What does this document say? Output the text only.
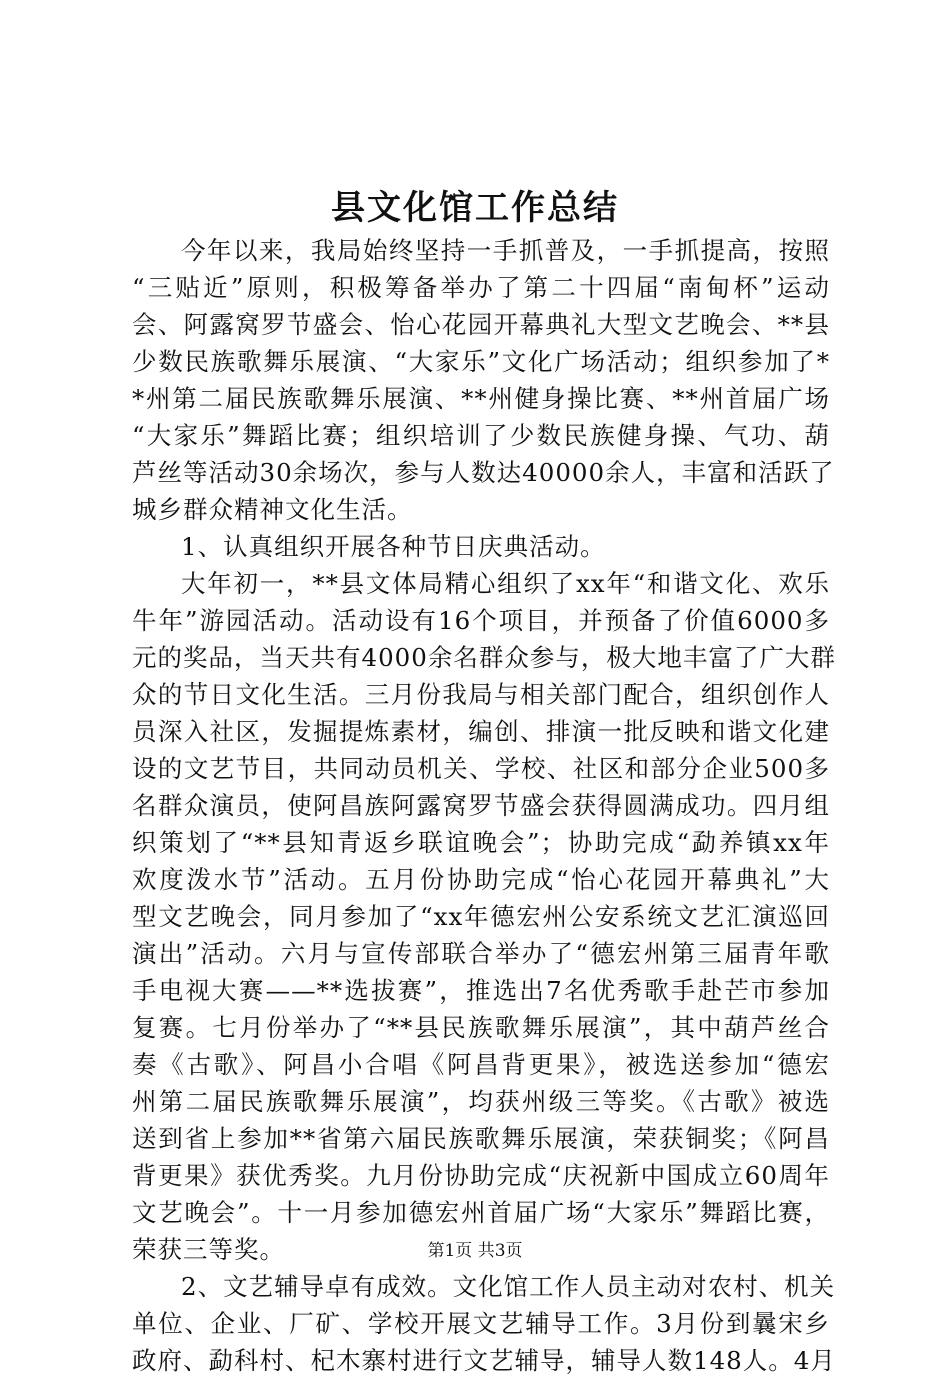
县文化馆工作总结
今年以来，我局始终坚持一手抓普及，一手抓提高，按照
“三贴近”原则，积极筹备举办了第二十四届“南甸杯”运动
会、阿露窝罗节盛会、怡心花园开幕典礼大型文艺晚会、**县
少数民族歌舞乐展演、“大家乐”文化广场活动；组织参加了*
*州第二届民族歌舞乐展演、**州健身操比赛、**州首届广场
“大家乐”舞蹈比赛；组织培训了少数民族健身操、气功、葫
芦丝等活动30余场次，参与人数达40000余人，丰富和活跃了
城乡群众精神文化生活。
1、认真组织开展各种节日庆典活动。
大年初一，**县文体局精心组织了xx年“和谐文化、欢乐
牛年”游园活动。活动设有16个项目，并预备了价值6000多
元的奖品，当天共有4000余名群众参与，极大地丰富了广大群
众的节日文化生活。三月份我局与相关部门配合，组织创作人
员深入社区，发掘提炼素材，编创、排演一批反映和谐文化建
设的文艺节目，共同动员机关、学校、社区和部分企业500多
名群众演员，使阿昌族阿露窝罗节盛会获得圆满成功。四月组
织策划了“**县知青返乡联谊晚会”；协助完成“勐养镇xx年
欢度泼水节”活动。五月份协助完成“怡心花园开幕典礼”大
型文艺晚会，同月参加了“xx年德宏州公安系统文艺汇演巡回
演出”活动。六月与宣传部联合举办了“德宏州第三届青年歌
手电视大赛——**选拔赛”，推选出7名优秀歌手赴芒市参加
复赛。七月份举办了“**县民族歌舞乐展演”，其中葫芦丝合
奏《古歌》、阿昌小合唱《阿昌背更果》，被选送参加“德宏
州第二届民族歌舞乐展演”，均获州级三等奖。《古歌》被选
送到省上参加**省第六届民族歌舞乐展演，荣获铜奖；《阿昌
背更果》获优秀奖。九月份协助完成“庆祝新中国成立60周年
文艺晚会”。十一月参加德宏州首届广场“大家乐”舞蹈比赛，
荣获三等奖。
2、文艺辅导卓有成效。文化馆工作人员主动对农村、机关
单位、企业、厂矿、学校开展文艺辅导工作。3月份到曩宋乡
政府、勐科村、杞木寨村进行文艺辅导，辅导人数148人。4月
第1页 共3页
